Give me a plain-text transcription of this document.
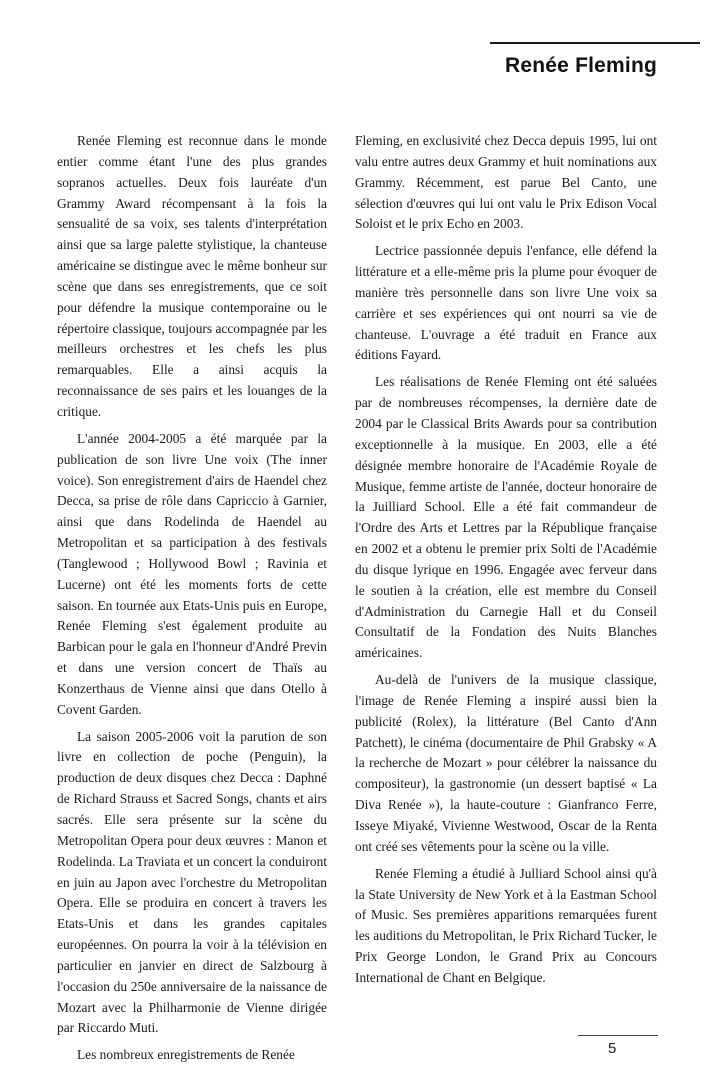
Renée Fleming

Renée Fleming est reconnue dans le monde entier comme étant l'une des plus grandes sopranos actuelles. Deux fois lauréate d'un Grammy Award récompensant à la fois la sensualité de sa voix, ses talents d'interprétation ainsi que sa large palette stylistique, la chanteuse américaine se distingue avec le même bonheur sur scène que dans ses enregistrements, que ce soit pour défendre la musique contemporaine ou le répertoire classique, toujours accompagnée par les meilleurs orchestres et les chefs les plus remarquables. Elle a ainsi acquis la reconnaissance de ses pairs et les louanges de la critique.

L'année 2004-2005 a été marquée par la publication de son livre Une voix (The inner voice). Son enregistrement d'airs de Haendel chez Decca, sa prise de rôle dans Capriccio à Garnier, ainsi que dans Rodelinda de Haendel au Metropolitan et sa participation à des festivals (Tanglewood ; Hollywood Bowl ; Ravinia et Lucerne) ont été les moments forts de cette saison. En tournée aux Etats-Unis puis en Europe, Renée Fleming s'est également produite au Barbican pour le gala en l'honneur d'André Previn et dans une version concert de Thaïs au Konzerthaus de Vienne ainsi que dans Otello à Covent Garden.

La saison 2005-2006 voit la parution de son livre en collection de poche (Penguin), la production de deux disques chez Decca : Daphné de Richard Strauss et Sacred Songs, chants et airs sacrés. Elle sera présente sur la scène du Metropolitan Opera pour deux œuvres : Manon et Rodelinda. La Traviata et un concert la conduiront en juin au Japon avec l'orchestre du Metropolitan Opera. Elle se produira en concert à travers les Etats-Unis et dans les grandes capitales européennes. On pourra la voir à la télévision en particulier en janvier en direct de Salzbourg à l'occasion du 250e anniversaire de la naissance de Mozart avec la Philharmonie de Vienne dirigée par Riccardo Muti.

Les nombreux enregistrements de Renée

Fleming, en exclusivité chez Decca depuis 1995, lui ont valu entre autres deux Grammy et huit nominations aux Grammy. Récemment, est parue Bel Canto, une sélection d'œuvres qui lui ont valu le Prix Edison Vocal Soloist et le prix Echo en 2003.

Lectrice passionnée depuis l'enfance, elle défend la littérature et a elle-même pris la plume pour évoquer de manière très personnelle dans son livre Une voix sa carrière et ses expériences qui ont nourri sa vie de chanteuse. L'ouvrage a été traduit en France aux éditions Fayard.

Les réalisations de Renée Fleming ont été saluées par de nombreuses récompenses, la dernière date de 2004 par le Classical Brits Awards pour sa contribution exceptionnelle à la musique. En 2003, elle a été désignée membre honoraire de l'Académie Royale de Musique, femme artiste de l'année, docteur honoraire de la Juilliard School. Elle a été fait commandeur de l'Ordre des Arts et Lettres par la République française en 2002 et a obtenu le premier prix Solti de l'Académie du disque lyrique en 1996. Engagée avec ferveur dans le soutien à la création, elle est membre du Conseil d'Administration du Carnegie Hall et du Conseil Consultatif de la Fondation des Nuits Blanches américaines.

Au-delà de l'univers de la musique classique, l'image de Renée Fleming a inspiré aussi bien la publicité (Rolex), la littérature (Bel Canto d'Ann Patchett), le cinéma (documentaire de Phil Grabsky « A la recherche de Mozart » pour célébrer la naissance du compositeur), la gastronomie (un dessert baptisé « La Diva Renée »), la haute-couture : Gianfranco Ferre, Isseye Miyaké, Vivienne Westwood, Oscar de la Renta ont créé ses vêtements pour la scène ou la ville.

Renée Fleming a étudié à Julliard School ainsi qu'à la State University de New York et à la Eastman School of Music. Ses premières apparitions remarquées furent les auditions du Metropolitan, le Prix Richard Tucker, le Prix George London, le Grand Prix au Concours International de Chant en Belgique.

5
